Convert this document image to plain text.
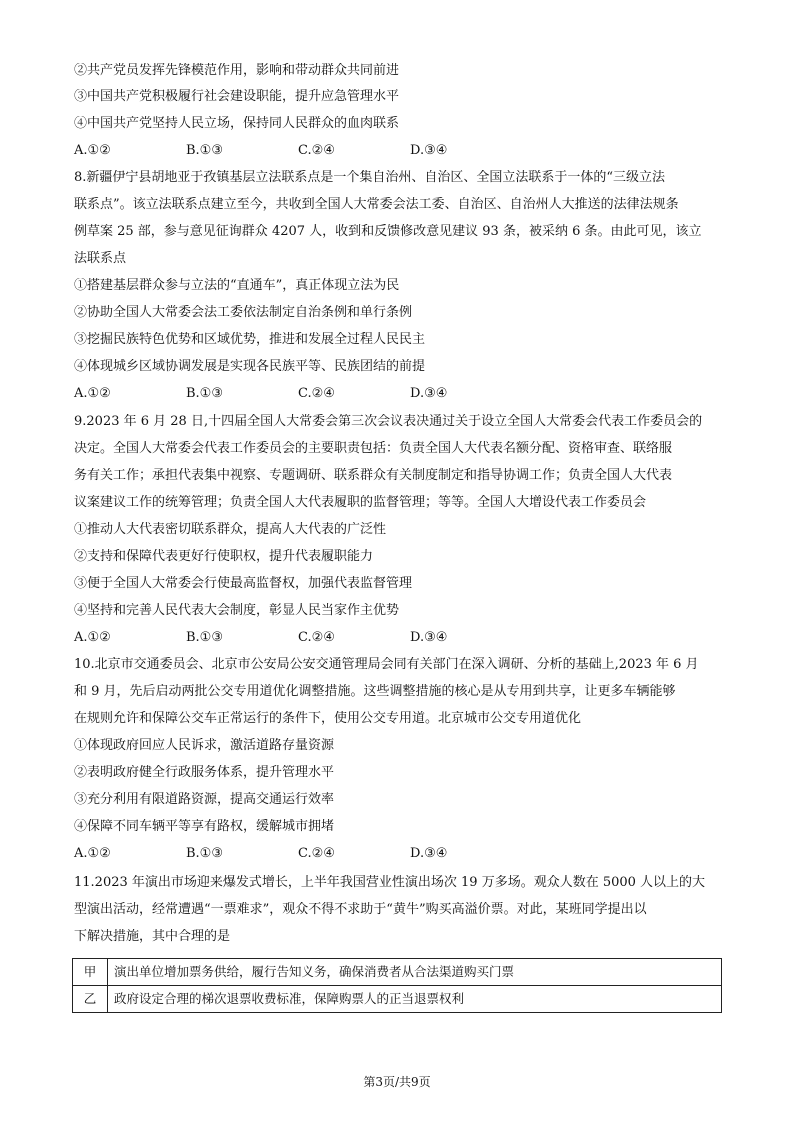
②共产党员发挥先锋模范作用，影响和带动群众共同前进
③中国共产党积极履行社会建设职能，提升应急管理水平
④中国共产党坚持人民立场，保持同人民群众的血肉联系
A.①②	B.①③	C.②④	D.③④
8.新疆伊宁县胡地亚于孜镇基层立法联系点是一个集自治州、自治区、全国立法联系于一体的“三级立法
联系点”。该立法联系点建立至今，共收到全国人大常委会法工委、自治区、自治州人大推送的法律法规条
例草案 25 部，参与意见征询群众 4207 人，收到和反馈修改意见建议 93 条，被采纳 6 条。由此可见，该立
法联系点
①搭建基层群众参与立法的“直通车”，真正体现立法为民
②协助全国人大常委会法工委依法制定自治条例和单行条例
③挖掘民族特色优势和区域优势，推进和发展全过程人民民主
④体现城乡区域协调发展是实现各民族平等、民族团结的前提
A.①②	B.①③	C.②④	D.③④
9.2023 年 6 月 28 日,十四届全国人大常委会第三次会议表决通过关于设立全国人大常委会代表工作委员会的
决定。全国人大常委会代表工作委员会的主要职责包括：负责全国人大代表名额分配、资格审查、联络服
务有关工作；承担代表集中视察、专题调研、联系群众有关制度制定和指导协调工作；负责全国人大代表
议案建议工作的统筹管理；负责全国人大代表履职的监督管理；等等。全国人大增设代表工作委员会
①推动人大代表密切联系群众，提高人大代表的广泛性
②支持和保障代表更好行使职权，提升代表履职能力
③便于全国人大常委会行使最高监督权，加强代表监督管理
④坚持和完善人民代表大会制度，彰显人民当家作主优势
A.①②	B.①③	C.②④	D.③④
10.北京市交通委员会、北京市公安局公安交通管理局会同有关部门在深入调研、分析的基础上,2023 年 6 月
和 9 月，先后启动两批公交专用道优化调整措施。这些调整措施的核心是从专用到共享，让更多车辆能够
在规则允许和保障公交车正常运行的条件下，使用公交专用道。北京城市公交专用道优化
①体现政府回应人民诉求，激活道路存量资源
②表明政府健全行政服务体系，提升管理水平
③充分利用有限道路资源，提高交通运行效率
④保障不同车辆平等享有路权，缓解城市拥堵
A.①②	B.①③	C.②④	D.③④
11.2023 年演出市场迎来爆发式增长，上半年我国营业性演出场次 19 万多场。观众人数在 5000 人以上的大
型演出活动，经常遭遇“一票难求”，观众不得不求助于“黄牛”购买高溢价票。对此，某班同学提出以
下解决措施，其中合理的是
甲	演出单位增加票务供给，履行告知义务，确保消费者从合法渠道购买门票
乙	政府设定合理的梯次退票收费标准，保障购票人的正当退票权利
第3页/共9页
